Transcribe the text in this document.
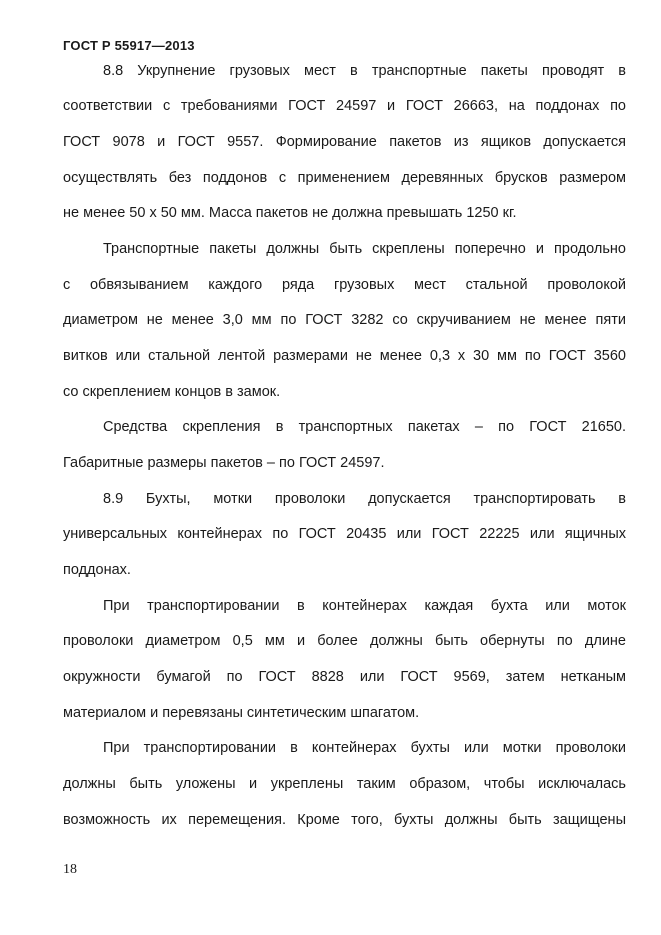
ГОСТ Р 55917—2013
8.8 Укрупнение грузовых мест в транспортные пакеты проводят в
соответствии с требованиями ГОСТ 24597 и ГОСТ 26663, на поддонах по
ГОСТ 9078 и ГОСТ 9557. Формирование пакетов из ящиков допускается
осуществлять без поддонов с применением деревянных брусков размером
не менее 50 х 50 мм. Масса пакетов не должна превышать 1250 кг.
Транспортные пакеты должны быть скреплены поперечно и продольно
с обвязыванием каждого ряда грузовых мест стальной проволокой
диаметром не менее 3,0 мм по ГОСТ 3282 со скручиванием не менее пяти
витков или стальной лентой размерами не менее 0,3 х 30 мм по ГОСТ 3560
со скреплением концов в замок.
Средства скрепления в транспортных пакетах – по ГОСТ 21650.
Габаритные размеры пакетов – по ГОСТ 24597.
8.9 Бухты, мотки проволоки допускается транспортировать в
универсальных контейнерах по ГОСТ 20435 или ГОСТ 22225 или ящичных
поддонах.
При транспортировании в контейнерах каждая бухта или моток
проволоки диаметром 0,5 мм и более должны быть обернуты по длине
окружности бумагой по ГОСТ 8828 или ГОСТ 9569, затем нетканым
материалом и перевязаны синтетическим шпагатом.
При транспортировании в контейнерах бухты или мотки проволоки
должны быть уложены и укреплены таким образом, чтобы исключалась
возможность их перемещения. Кроме того, бухты должны быть защищены
18
